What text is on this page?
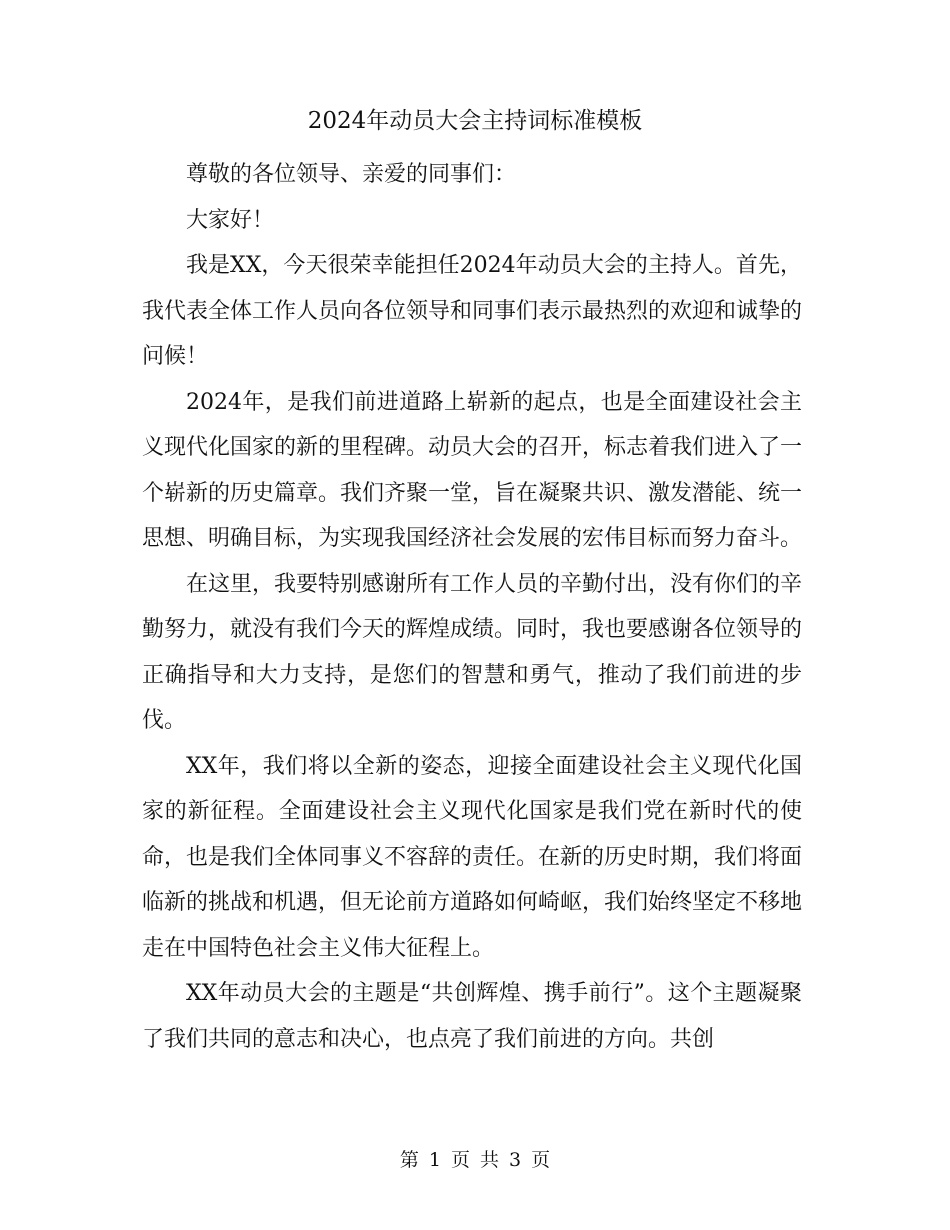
2024年动员大会主持词标准模板

尊敬的各位领导、亲爱的同事们：

大家好！

我是XX，今天很荣幸能担任2024年动员大会的主持人。首先，我代表全体工作人员向各位领导和同事们表示最热烈的欢迎和诚挚的问候！

2024年，是我们前进道路上崭新的起点，也是全面建设社会主义现代化国家的新的里程碑。动员大会的召开，标志着我们进入了一个崭新的历史篇章。我们齐聚一堂，旨在凝聚共识、激发潜能、统一思想、明确目标，为实现我国经济社会发展的宏伟目标而努力奋斗。

在这里，我要特别感谢所有工作人员的辛勤付出，没有你们的辛勤努力，就没有我们今天的辉煌成绩。同时，我也要感谢各位领导的正确指导和大力支持，是您们的智慧和勇气，推动了我们前进的步伐。

XX年，我们将以全新的姿态，迎接全面建设社会主义现代化国家的新征程。全面建设社会主义现代化国家是我们党在新时代的使命，也是我们全体同事义不容辞的责任。在新的历史时期，我们将面临新的挑战和机遇，但无论前方道路如何崎岖，我们始终坚定不移地走在中国特色社会主义伟大征程上。

XX年动员大会的主题是“共创辉煌、携手前行”。这个主题凝聚了我们共同的意志和决心，也点亮了我们前进的方向。共创

第 1 页 共 3 页
